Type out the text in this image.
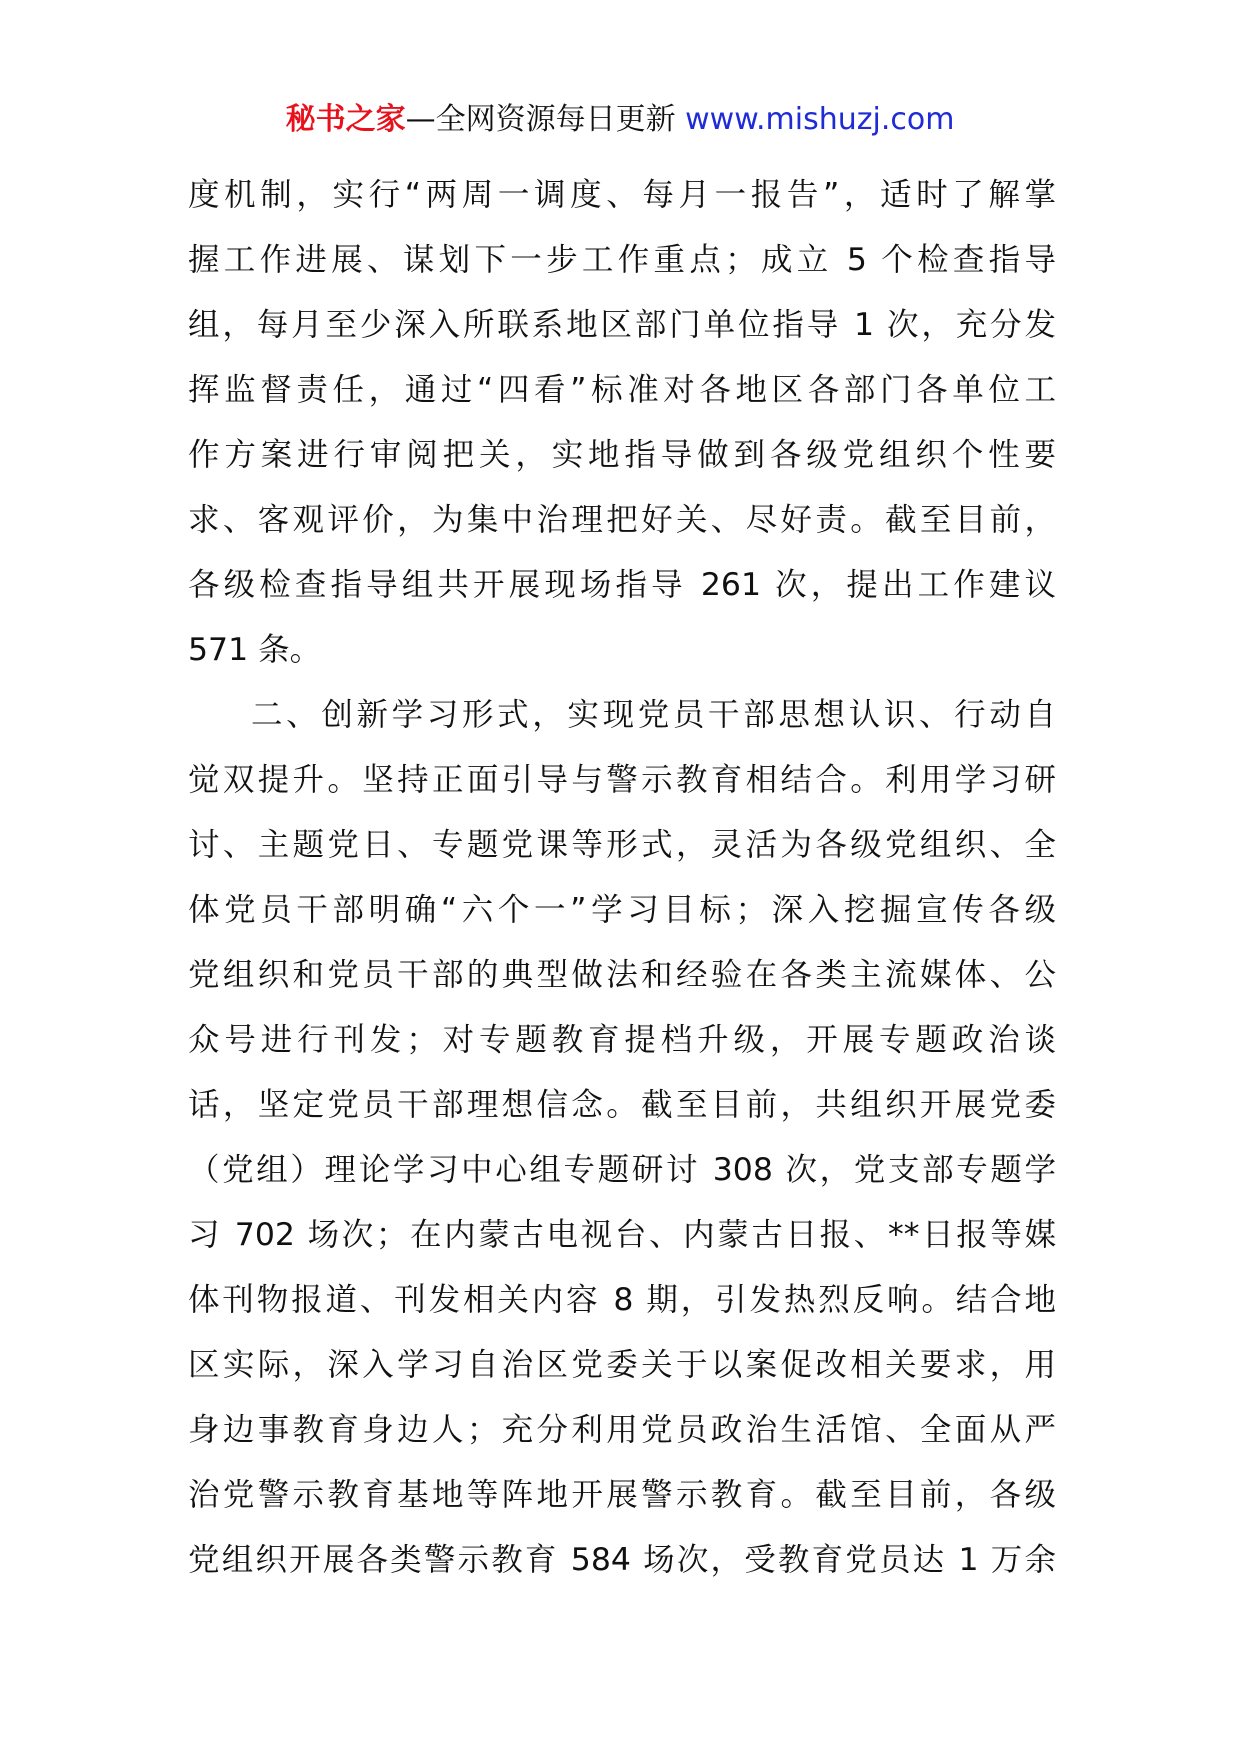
秘书之家—全网资源每日更新 www.mishuzj.com
度机制，实行“两周一调度、每月一报告”，适时了解掌
握工作进展、谋划下一步工作重点；成立 5 个检查指导
组，每月至少深入所联系地区部门单位指导 1 次，充分发
挥监督责任，通过“四看”标准对各地区各部门各单位工
作方案进行审阅把关，实地指导做到各级党组织个性要
求、客观评价，为集中治理把好关、尽好责。截至目前，
各级检查指导组共开展现场指导 261 次，提出工作建议
571 条。
二、创新学习形式，实现党员干部思想认识、行动自
觉双提升。坚持正面引导与警示教育相结合。利用学习研
讨、主题党日、专题党课等形式，灵活为各级党组织、全
体党员干部明确“六个一”学习目标；深入挖掘宣传各级
党组织和党员干部的典型做法和经验在各类主流媒体、公
众号进行刊发；对专题教育提档升级，开展专题政治谈
话，坚定党员干部理想信念。截至目前，共组织开展党委
（党组）理论学习中心组专题研讨 308 次，党支部专题学
习 702 场次；在内蒙古电视台、内蒙古日报、**日报等媒
体刊物报道、刊发相关内容 8 期，引发热烈反响。结合地
区实际，深入学习自治区党委关于以案促改相关要求，用
身边事教育身边人；充分利用党员政治生活馆、全面从严
治党警示教育基地等阵地开展警示教育。截至目前，各级
党组织开展各类警示教育 584 场次，受教育党员达 1 万余
